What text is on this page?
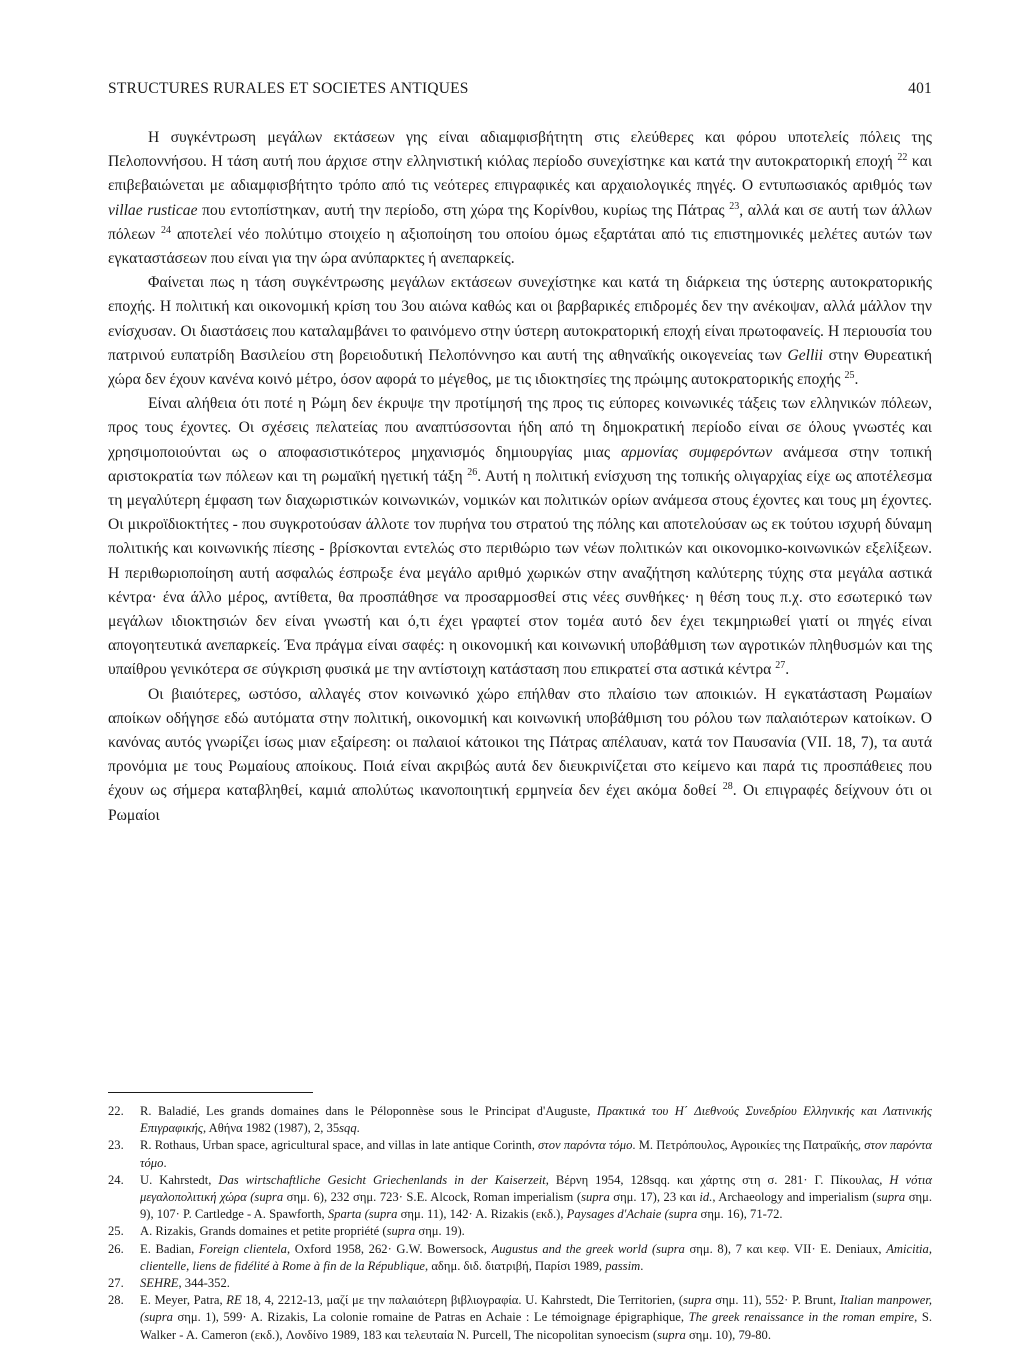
STRUCTURES RURALES ET SOCIETES ANTIQUES	401

Η συγκέντρωση μεγάλων εκτάσεων γης είναι αδιαμφισβήτητη στις ελεύθερες και φόρου υποτελείς πόλεις της Πελοποννήσου. Η τάση αυτή που άρχισε στην ελληνιστική κιόλας περίοδο συνεχίστηκε και κατά την αυτοκρατορική εποχή $^{22}$ και επιβεβαιώνεται με αδιαμφισβήτητο τρόπο από τις νεότερες επιγραφικές και αρχαιολογικές πηγές. Ο εντυπωσιακός αριθμός των villae rusticae που εντοπίστηκαν, αυτή την περίοδο, στη χώρα της Κορίνθου, κυρίως της Πάτρας $^{23}$, αλλά και σε αυτή των άλλων πόλεων $^{24}$ αποτελεί νέο πολύτιμο στοιχείο η αξιοποίηση του οποίου όμως εξαρτάται από τις επιστημονικές μελέτες αυτών των εγκαταστάσεων που είναι για την ώρα ανύπαρκτες ή ανεπαρκείς.

Φαίνεται πως η τάση συγκέντρωσης μεγάλων εκτάσεων συνεχίστηκε και κατά τη διάρκεια της ύστερης αυτοκρατορικής εποχής. Η πολιτική και οικονομική κρίση του 3ου αιώνα καθώς και οι βαρβαρικές επιδρομές δεν την ανέκοψαν, αλλά μάλλον την ενίσχυσαν. Οι διαστάσεις που καταλαμβάνει το φαινόμενο στην ύστερη αυτοκρατορική εποχή είναι πρωτοφανείς. Η περιουσία του πατρινού ευπατρίδη Βασιλείου στη βορειοδυτική Πελοπόννησο και αυτή της αθηναϊκής οικογενείας των Gellii στην Θυρεατική χώρα δεν έχουν κανένα κοινό μέτρο, όσον αφορά το μέγεθος, με τις ιδιοκτησίες της πρώιμης αυτοκρατορικής εποχής $^{25}$.

Είναι αλήθεια ότι ποτέ η Ρώμη δεν έκρυψε την προτίμησή της προς τις εύπορες κοινωνικές τάξεις των ελληνικών πόλεων, προς τους έχοντες. Οι σχέσεις πελατείας που αναπτύσσονται ήδη από τη δημοκρατική περίοδο είναι σε όλους γνωστές και χρησιμοποιούνται ως ο αποφασιστικότερος μηχανισμός δημιουργίας μιας αρμονίας συμφερόντων ανάμεσα στην τοπική αριστοκρατία των πόλεων και τη ρωμαϊκή ηγετική τάξη $^{26}$. Αυτή η πολιτική ενίσχυση της τοπικής ολιγαρχίας είχε ως αποτέλεσμα τη μεγαλύτερη έμφαση των διαχωριστικών κοινωνικών, νομικών και πολιτικών ορίων ανάμεσα στους έχοντες και τους μη έχοντες. Οι μικροϊδιοκτήτες - που συγκροτούσαν άλλοτε τον πυρήνα του στρατού της πόλης και αποτελούσαν ως εκ τούτου ισχυρή δύναμη πολιτικής και κοινωνικής πίεσης - βρίσκονται εντελώς στο περιθώριο των νέων πολιτικών και οικονομικο-κοινωνικών εξελίξεων. Η περιθωριοποίηση αυτή ασφαλώς έσπρωξε ένα μεγάλο αριθμό χωρικών στην αναζήτηση καλύτερης τύχης στα μεγάλα αστικά κέντρα· ένα άλλο μέρος, αντίθετα, θα προσπάθησε να προσαρμοσθεί στις νέες συνθήκες· η θέση τους π.χ. στο εσωτερικό των μεγάλων ιδιοκτησιών δεν είναι γνωστή και ό,τι έχει γραφτεί στον τομέα αυτό δεν έχει τεκμηριωθεί γιατί οι πηγές είναι απογοητευτικά ανεπαρκείς. Ένα πράγμα είναι σαφές: η οικονομική και κοινωνική υποβάθμιση των αγροτικών πληθυσμών και της υπαίθρου γενικότερα σε σύγκριση φυσικά με την αντίστοιχη κατάσταση που επικρατεί στα αστικά κέντρα $^{27}$.

Οι βιαιότερες, ωστόσο, αλλαγές στον κοινωνικό χώρο επήλθαν στο πλαίσιο των αποικιών. Η εγκατάσταση Ρωμαίων αποίκων οδήγησε εδώ αυτόματα στην πολιτική, οικονομική και κοινωνική υποβάθμιση του ρόλου των παλαιότερων κατοίκων. Ο κανόνας αυτός γνωρίζει ίσως μιαν εξαίρεση: οι παλαιοί κάτοικοι της Πάτρας απέλαυαν, κατά τον Παυσανία (VII. 18, 7), τα αυτά προνόμια με τους Ρωμαίους αποίκους. Ποιά είναι ακριβώς αυτά δεν διευκρινίζεται στο κείμενο και παρά τις προσπάθειες που έχουν ως σήμερα καταβληθεί, καμιά απολύτως ικανοποιητική ερμηνεία δεν έχει ακόμα δοθεί $^{28}$. Οι επιγραφές δείχνουν ότι οι Ρωμαίοι

22.	R. Baladié, Les grands domaines dans le Péloponnèse sous le Principat d'Auguste, Πρακτικά του Η΄ Διεθνούς Συνεδρίου Ελληνικής και Λατινικής Επιγραφικής, Αθήνα 1982 (1987), 2, 35sqq.
23.	R. Rothaus, Urban space, agricultural space, and villas in late antique Corinth, στον παρόντα τόμο. Μ. Πετρόπουλος, Αγροικίες της Πατραϊκής, στον παρόντα τόμο.
24.	U. Kahrstedt, Das wirtschaftliche Gesicht Griechenlands in der Kaiserzeit, Βέρνη 1954, 128sqq. και χάρτης στη σ. 281· Γ. Πίκουλας, Η νότια μεγαλοπολιτική χώρα (supra σημ. 6), 232 σημ. 723· S.E. Alcock, Roman imperialism (supra σημ. 17), 23 και id., Archaeology and imperialism (supra σημ. 9), 107· P. Cartledge - A. Spawforth, Sparta (supra σημ. 11), 142· A. Rizakis (εκδ.), Paysages d'Achaie (supra σημ. 16), 71-72.
25.	A. Rizakis, Grands domaines et petite propriété (supra σημ. 19).
26.	E. Badian, Foreign clientela, Oxford 1958, 262· G.W. Bowersock, Augustus and the greek world (supra σημ. 8), 7 και κεφ. VII· E. Deniaux, Amicitia, clientelle, liens de fidélité à Rome à fin de la République, αδημ. διδ. διατριβή, Παρίσι 1989, passim.
27.	SEHRE, 344-352.
28.	E. Meyer, Patra, RE 18, 4, 2212-13, μαζί με την παλαιότερη βιβλιογραφία. U. Kahrstedt, Die Territorien, (supra σημ. 11), 552· P. Brunt, Italian manpower, (supra σημ. 1), 599· A. Rizakis, La colonie romaine de Patras en Achaie : Le témoignage épigraphique, The greek renaissance in the roman empire, S. Walker - A. Cameron (εκδ.), Λονδίνο 1989, 183 και τελευταία N. Purcell, The nicopolitan synoecism (supra σημ. 10), 79-80.
